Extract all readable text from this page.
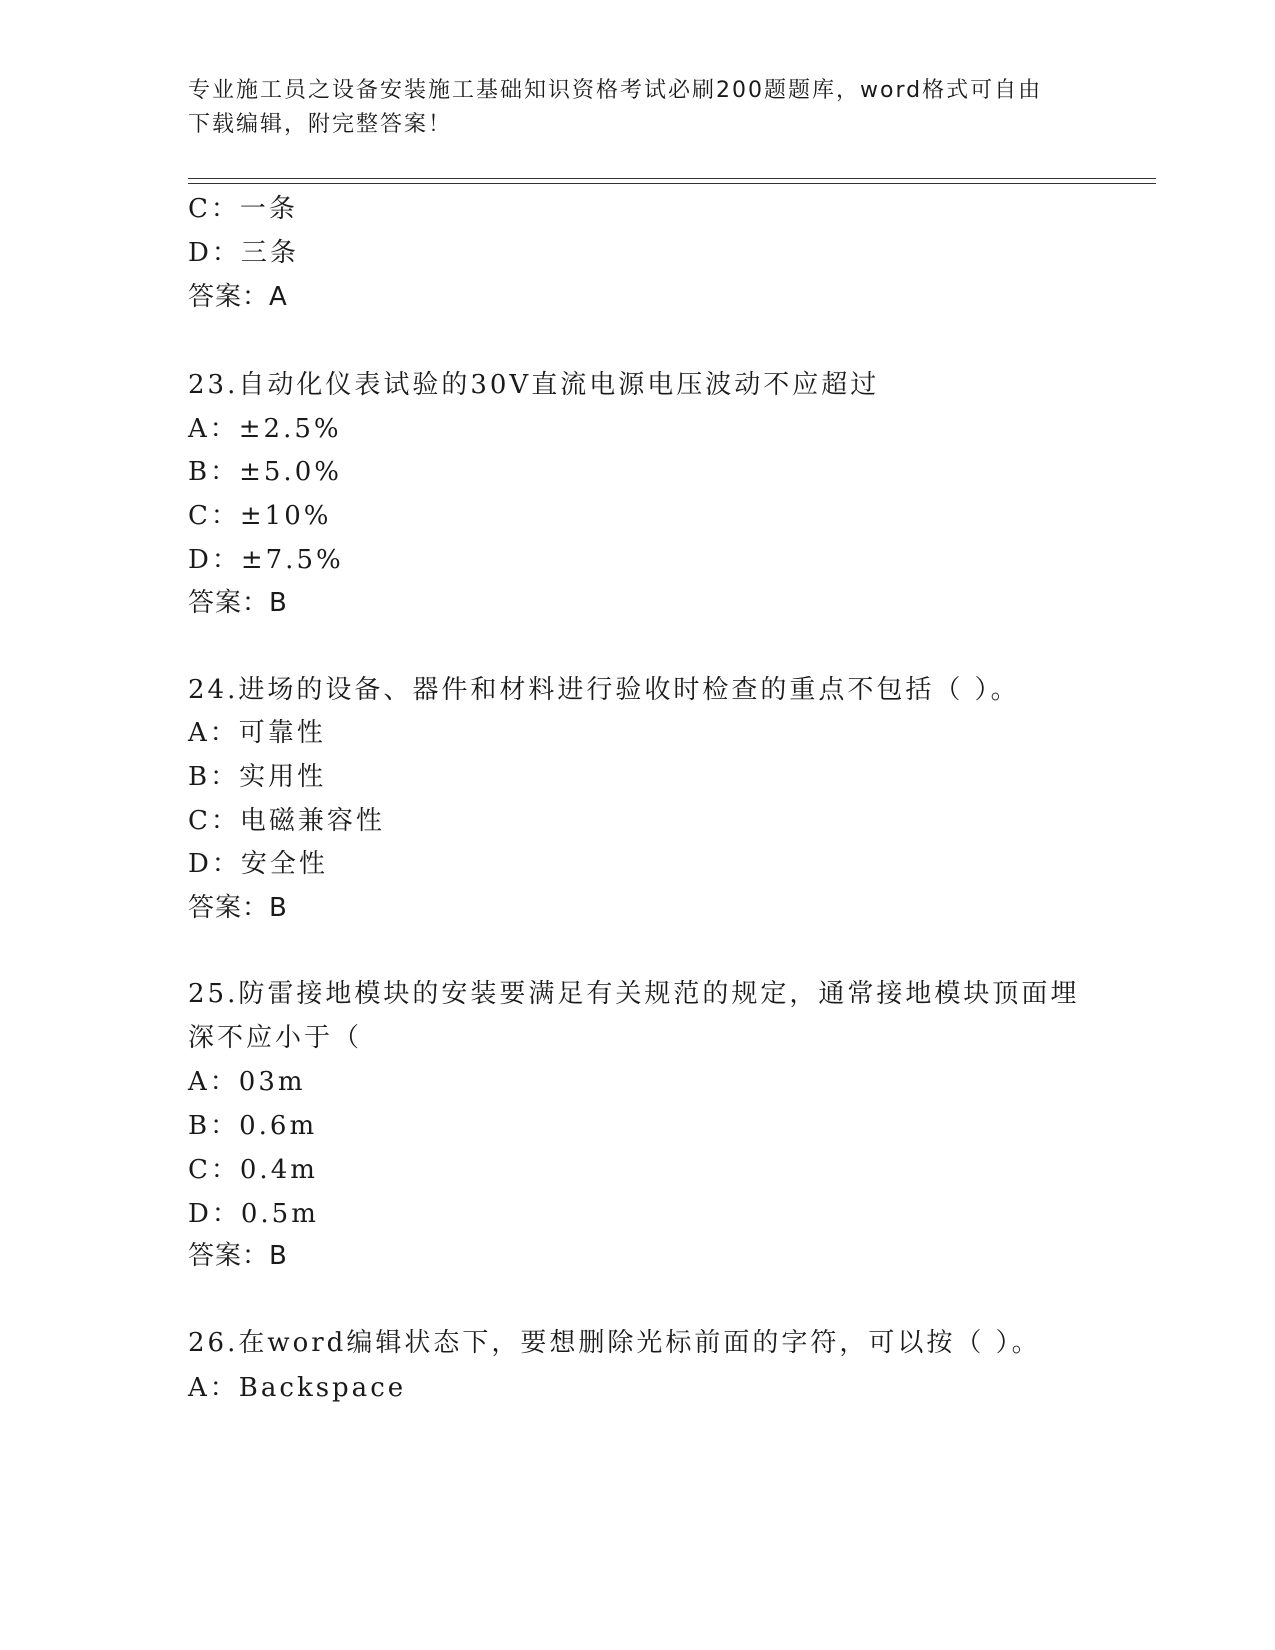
专业施工员之设备安装施工基础知识资格考试必刷200题题库，word格式可自由
下载编辑，附完整答案！
C：一条
D：三条
答案：A
23.自动化仪表试验的30V直流电源电压波动不应超过
A：±2.5%
B：±5.0%
C：±10%
D：±7.5%
答案：B
24.进场的设备、器件和材料进行验收时检查的重点不包括（ ）。
A：可靠性
B：实用性
C：电磁兼容性
D：安全性
答案：B
25.防雷接地模块的安装要满足有关规范的规定，通常接地模块顶面埋
深不应小于（
A：03m
B：0.6m
C：0.4m
D：0.5m
答案：B
26.在word编辑状态下，要想删除光标前面的字符，可以按（ ）。
A：Backspace
